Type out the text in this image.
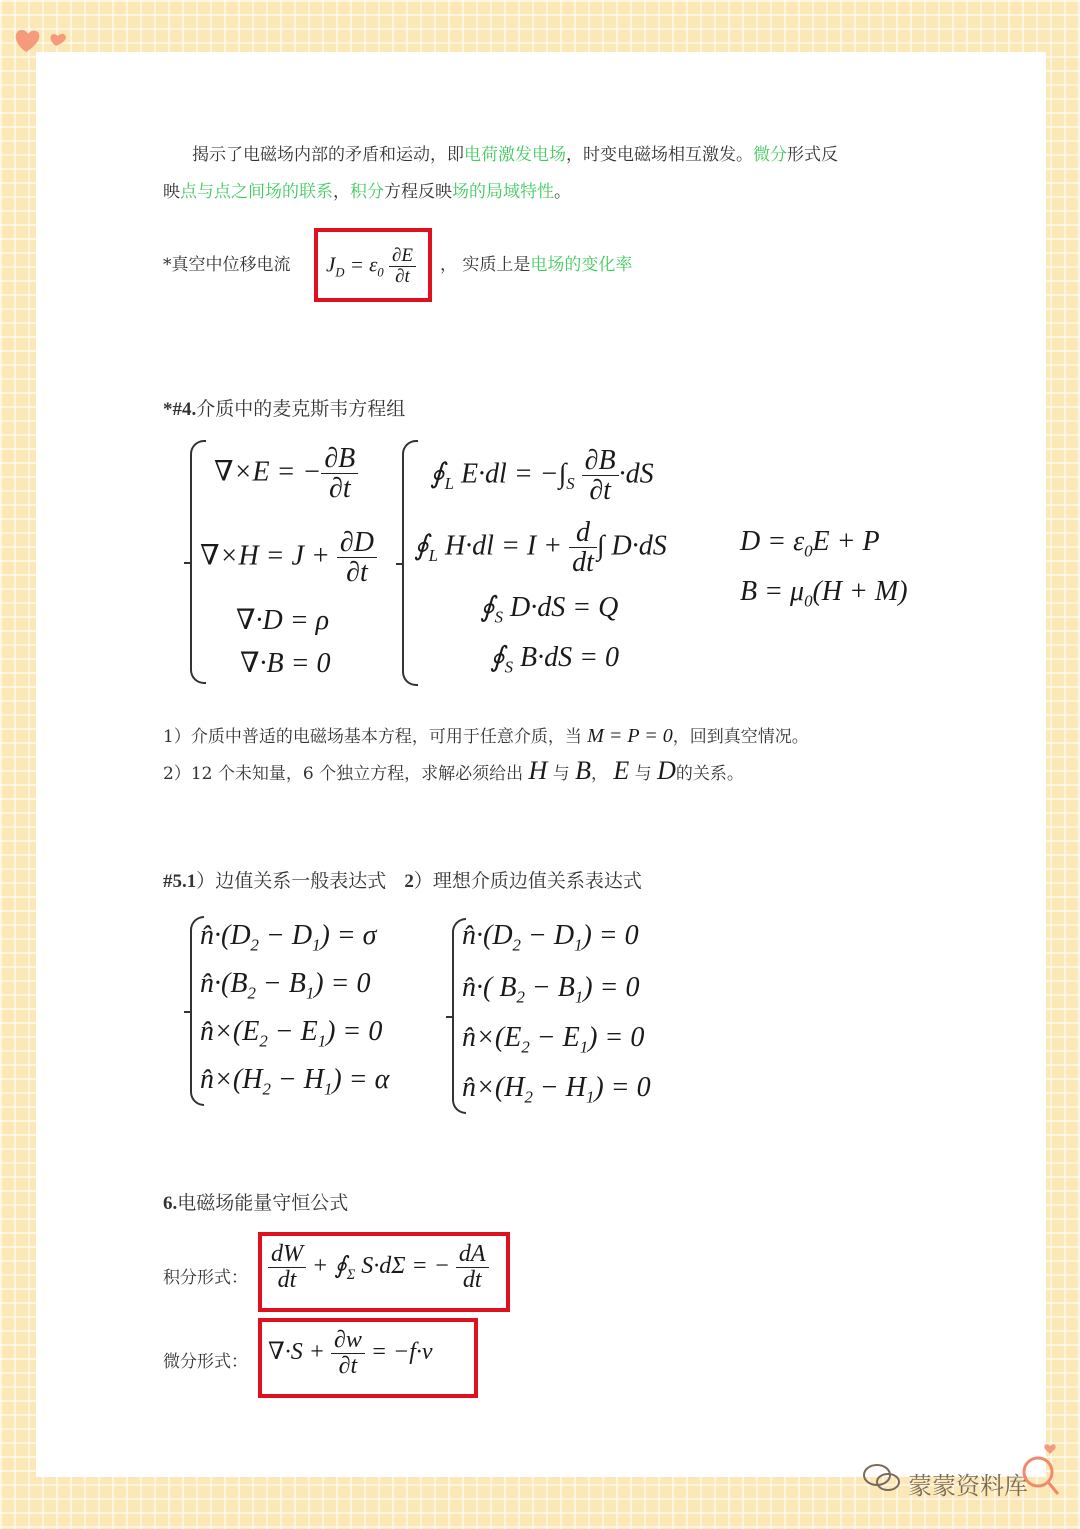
揭示了电磁场内部的矛盾和运动，即电荷激发电场，时变电磁场相互激发。微分形式反
映点与点之间场的联系，积分方程反映场的局域特性。
*真空中位移电流 $J_D = \varepsilon_0 \frac{\partial E}{\partial t}$ ， 实质上是电场的变化率
*#4.介质中的麦克斯韦方程组
∇×E = − $\frac{\partial B}{\partial t}$
$\nabla\times H = J + \frac{\partial D}{\partial t}$
∇·D = ρ
∇·B = 0
$∮_L$ $E\cdot dl = -\int_S \frac{\partial B}{\partial t} \cdot dS$
$∮_L$ $H\cdot dl = I + \frac{d}{dt}$ ∫ D·dS
$∮_S$ D·dS = Q
$∮_S$ B·dS = 0
$D = \varepsilon_0E + P$
$B = \mu_0(H + M)$
1）介质中普适的电磁场基本方程，可用于任意介质，当 M = P = 0，回到真空情况。
2）12 个未知量，6 个独立方程，求解必须给出 H 与 B， E 与 D的关系。
#5.1）边值关系一般表达式 2）理想介质边值关系表达式
$n̂\cdot(D_2 - D_1) = \sigma$
$n̂\cdot(B_2 - B_1) = 0$
$n̂\times(E_2 - E_1) = 0$
$n̂\times(H_2 - H_1) = \alpha$
$n̂\cdot(D_2 - D_1) = 0$
n̂·( $B_2 - B_1) = 0$
$n̂\times(E_2 - E_1) = 0$
$n̂\times(H_2 - H_1) = 0$
6.电磁场能量守恒公式
积分形式： $\frac{dW}{dt}$ + $∮_\Sigma$ S·dΣ = − $\frac{dA}{dt}$
微分形式： $\nabla\cdot S + \frac{\partial w}{\partial t} = -f\cdot v$
蒙蒙资料库
